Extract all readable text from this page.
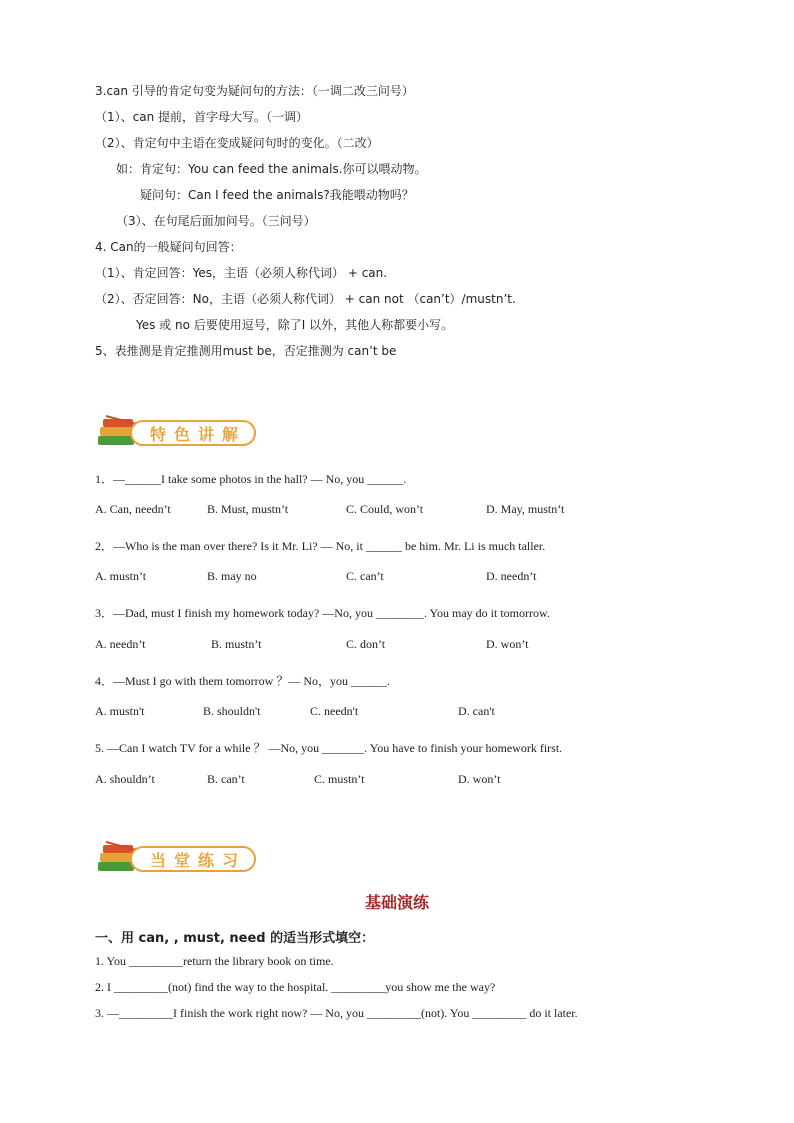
3.can 引导的肯定句变为疑问句的方法：（一调二改三问号）
（1）、can 提前，首字母大写。（一调）
（2）、肯定句中主语在变成疑问句时的变化。（二改）
如：肯定句：You can feed the animals.你可以喂动物。
疑问句：Can I feed the animals?我能喂动物吗？
（3）、在句尾后面加问号。（三问号）
4. Can的一般疑问句回答：
（1）、肯定回答：Yes，主语（必须人称代词） + can.
（2）、否定回答：No，主语（必须人称代词） + can not （can’t）/mustn’t.
Yes 或 no 后要使用逗号，除了I 以外，其他人称都要小写。
5、表推测是肯定推测用must be，否定推测为 can’t be
特色讲解
1．—______I take some photos in the hall? — No, you ______.
A. Can, needn’t	B. Must, mustn’t	C. Could, won’t	D. May, mustn’t
2．—Who is the man over there? Is it Mr. Li? — No, it ______ be him. Mr. Li is much taller.
A. mustn’t	B. may no	C. can’t	D. needn’t
3．—Dad, must I finish my homework today? —No, you ________. You may do it tomorrow.
A. needn’t	B. mustn’t	C. don’t	D. won’t
4．—Must I go with them tomorrow ？— No，you ______.
A. mustn't	B. shouldn't	C. needn't	D. can't
5. —Can I watch TV for a while ？ —No, you _______. You have to finish your homework first.
A. shouldn’t	B. can’t	C. mustn’t	D. won’t
当堂练习
基础演练
一、用 can, , must, need 的适当形式填空：
1. You _________return the library book on time.
2. I _________(not) find the way to the hospital. _________you show me the way?
3. —_________I finish the work right now? — No, you _________(not). You _________ do it later.
